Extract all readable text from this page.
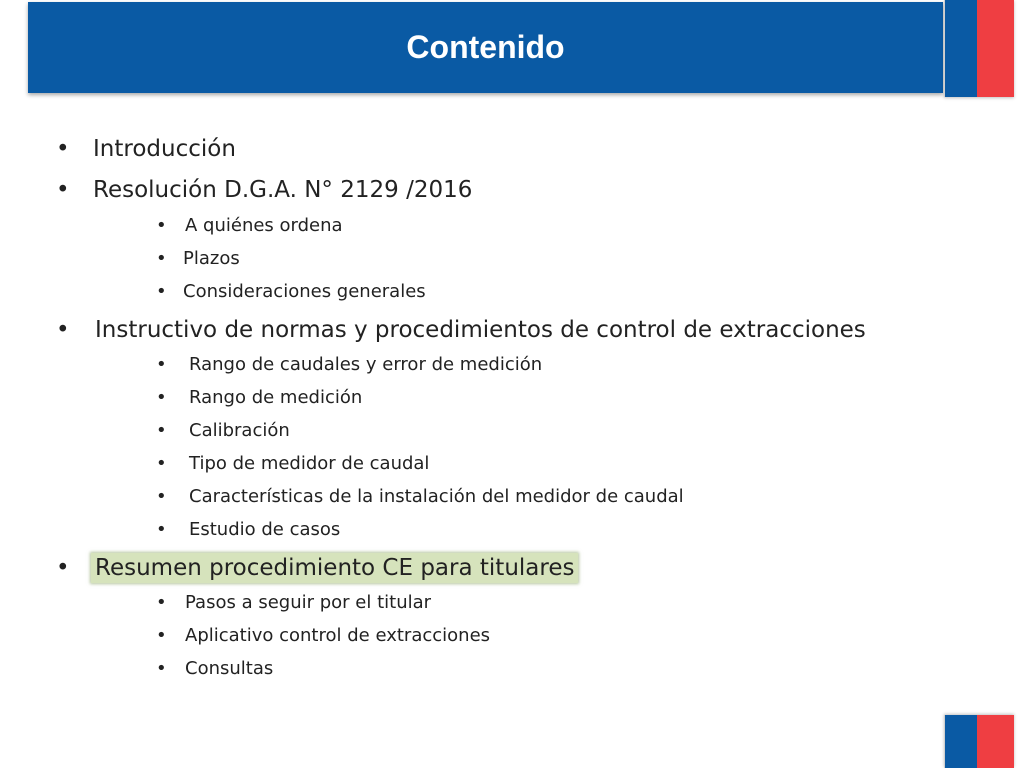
Contenido
• Introducción
• Resolución D.G.A. N° 2129 /2016
• A quiénes ordena
• Plazos
• Consideraciones generales
• Instructivo de normas y procedimientos de control de extracciones
• Rango de caudales y error de medición
• Rango de medición
• Calibración
• Tipo de medidor de caudal
• Características de la instalación del medidor de caudal
• Estudio de casos
• Resumen procedimiento CE para titulares
• Pasos a seguir por el titular
• Aplicativo control de extracciones
• Consultas
